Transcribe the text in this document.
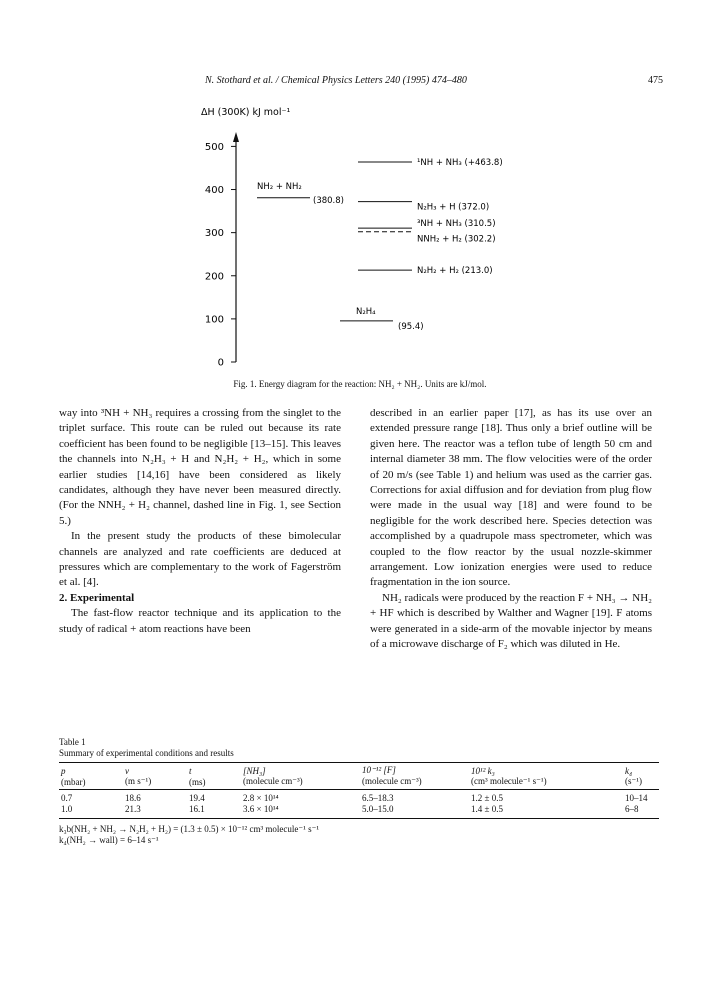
N. Stothard et al. / Chemical Physics Letters 240 (1995) 474–480	475
ΔH (300K) kJ mol⁻¹
500
400
300
200
100
0
¹NH + NH₃ (+463.8)
NH₂ + NH₂
(380.8)
N₂H₃ + H (372.0)
³NH + NH₃ (310.5)
NNH₂ + H₂ (302.2)
N₂H₂ + H₂ (213.0)
N₂H₄
(95.4)
Fig. 1. Energy diagram for the reaction: NH₂ + NH₂. Units are kJ/mol.

way into ³NH + NH₃ requires a crossing from the singlet to the triplet surface. This route can be ruled out because its rate coefficient has been found to be negligible [13–15]. This leaves the channels into N₂H₃ + H and N₂H₂ + H₂, which in some earlier studies [14,16] have been considered as likely candidates, although they have never been measured directly. (For the NNH₂ + H₂ channel, dashed line in Fig. 1, see Section 5.)

In the present study the products of these bimolecular channels are analyzed and rate coefficients are deduced at pressures which are complementary to the work of Fagerström et al. [4].

2. Experimental

The fast-flow reactor technique and its application to the study of radical + atom reactions have been

described in an earlier paper [17], as has its use over an extended pressure range [18]. Thus only a brief outline will be given here. The reactor was a teflon tube of length 50 cm and internal diameter 38 mm. The flow velocities were of the order of 20 m/s (see Table 1) and helium was used as the carrier gas. Corrections for axial diffusion and for deviation from plug flow were made in the usual way [18] and were found to be negligible for the work described here. Species detection was accomplished by a quadrupole mass spectrometer, which was coupled to the flow reactor by the usual nozzle-skimmer arrangement. Low ionization energies were used to reduce fragmentation in the ion source.

NH₂ radicals were produced by the reaction F + NH₃ → NH₂ + HF which is described by Walther and Wagner [19]. F atoms were generated in a side-arm of the movable injector by means of a microwave discharge of F₂ which was diluted in He.

Table 1
Summary of experimental conditions and results
p	v	t	[NH₃]	10⁻¹² [F]	10¹² k₃	k₄
(mbar)	(m s⁻¹)	(ms)	(molecule cm⁻³)	(molecule cm⁻³)	(cm³ molecule⁻¹ s⁻¹)	(s⁻¹)
0.7	18.6	19.4	2.8 × 10¹⁴	6.5–18.3	1.2 ± 0.5	10–14
1.0	21.3	16.1	3.6 × 10¹⁴	5.0–15.0	1.4 ± 0.5	6–8
k₃b(NH₂ + NH₂ → N₂H₂ + H₂) = (1.3 ± 0.5) × 10⁻¹² cm³ molecule⁻¹ s⁻¹
k₄(NH₂ → wall) = 6–14 s⁻¹
